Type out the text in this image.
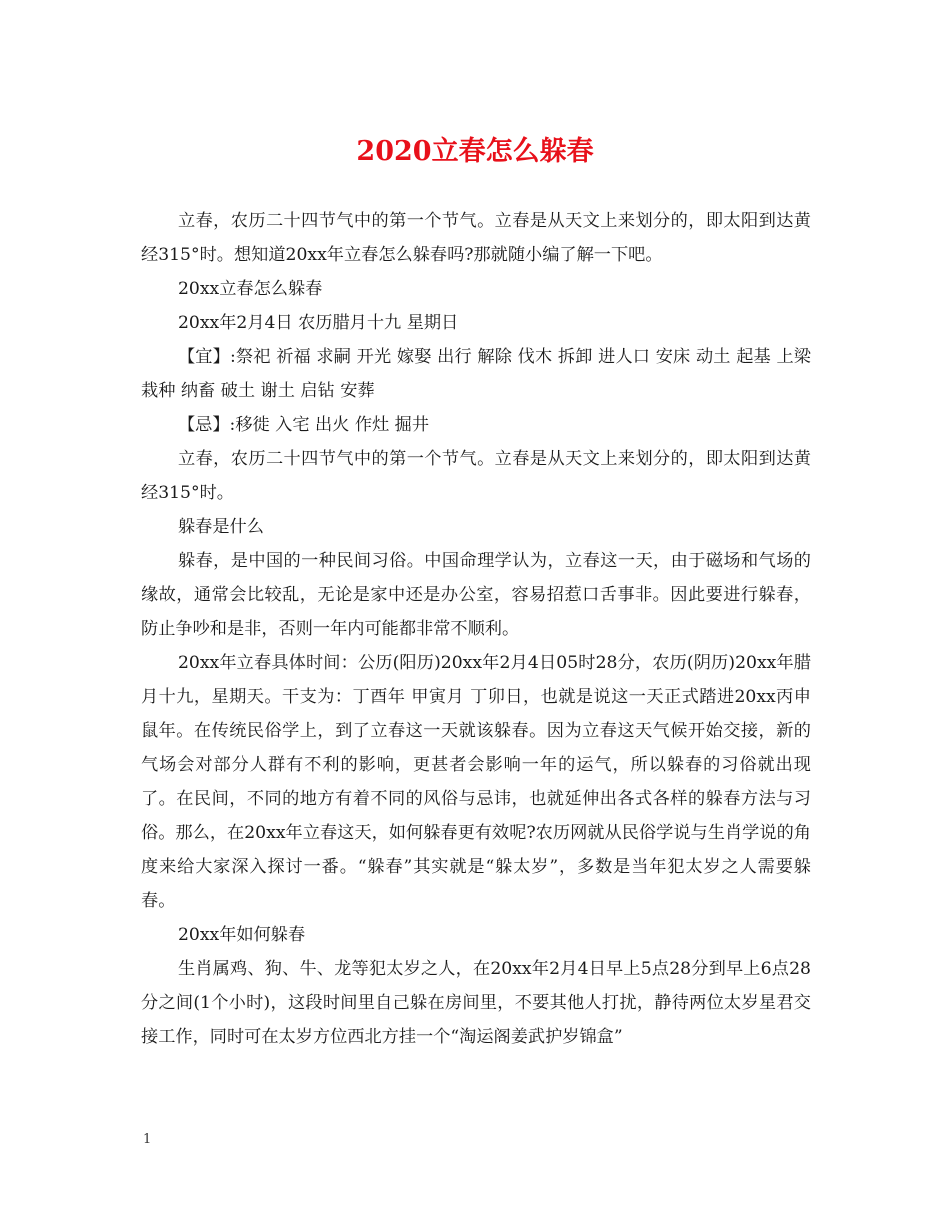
2020立春怎么躲春

立春，农历二十四节气中的第一个节气。立春是从天文上来划分的，即太阳到达黄经315°时。想知道20xx年立春怎么躲春吗?那就随小编了解一下吧。

20xx立春怎么躲春

20xx年2月4日 农历腊月十九 星期日

【宜】:祭祀 祈福 求嗣 开光 嫁娶 出行 解除 伐木 拆卸 进人口 安床 动土 起基 上梁 栽种 纳畜 破土 谢土 启钻 安葬

【忌】:移徙 入宅 出火 作灶 掘井

立春，农历二十四节气中的第一个节气。立春是从天文上来划分的，即太阳到达黄经315°时。

躲春是什么

躲春，是中国的一种民间习俗。中国命理学认为，立春这一天，由于磁场和气场的缘故，通常会比较乱，无论是家中还是办公室，容易招惹口舌事非。因此要进行躲春，防止争吵和是非，否则一年内可能都非常不顺利。

20xx年立春具体时间：公历(阳历)20xx年2月4日05时28分，农历(阴历)20xx年腊月十九，星期天。干支为：丁酉年 甲寅月 丁卯日，也就是说这一天正式踏进20xx丙申鼠年。在传统民俗学上，到了立春这一天就该躲春。因为立春这天气候开始交接，新的气场会对部分人群有不利的影响，更甚者会影响一年的运气，所以躲春的习俗就出现了。在民间，不同的地方有着不同的风俗与忌讳，也就延伸出各式各样的躲春方法与习俗。那么，在20xx年立春这天，如何躲春更有效呢?农历网就从民俗学说与生肖学说的角度来给大家深入探讨一番。“躲春”其实就是“躲太岁”，多数是当年犯太岁之人需要躲春。

20xx年如何躲春

生肖属鸡、狗、牛、龙等犯太岁之人，在20xx年2月4日早上5点28分到早上6点28分之间(1个小时)，这段时间里自己躲在房间里，不要其他人打扰，静待两位太岁星君交接工作，同时可在太岁方位西北方挂一个“淘运阁姜武护岁锦盒”

1
